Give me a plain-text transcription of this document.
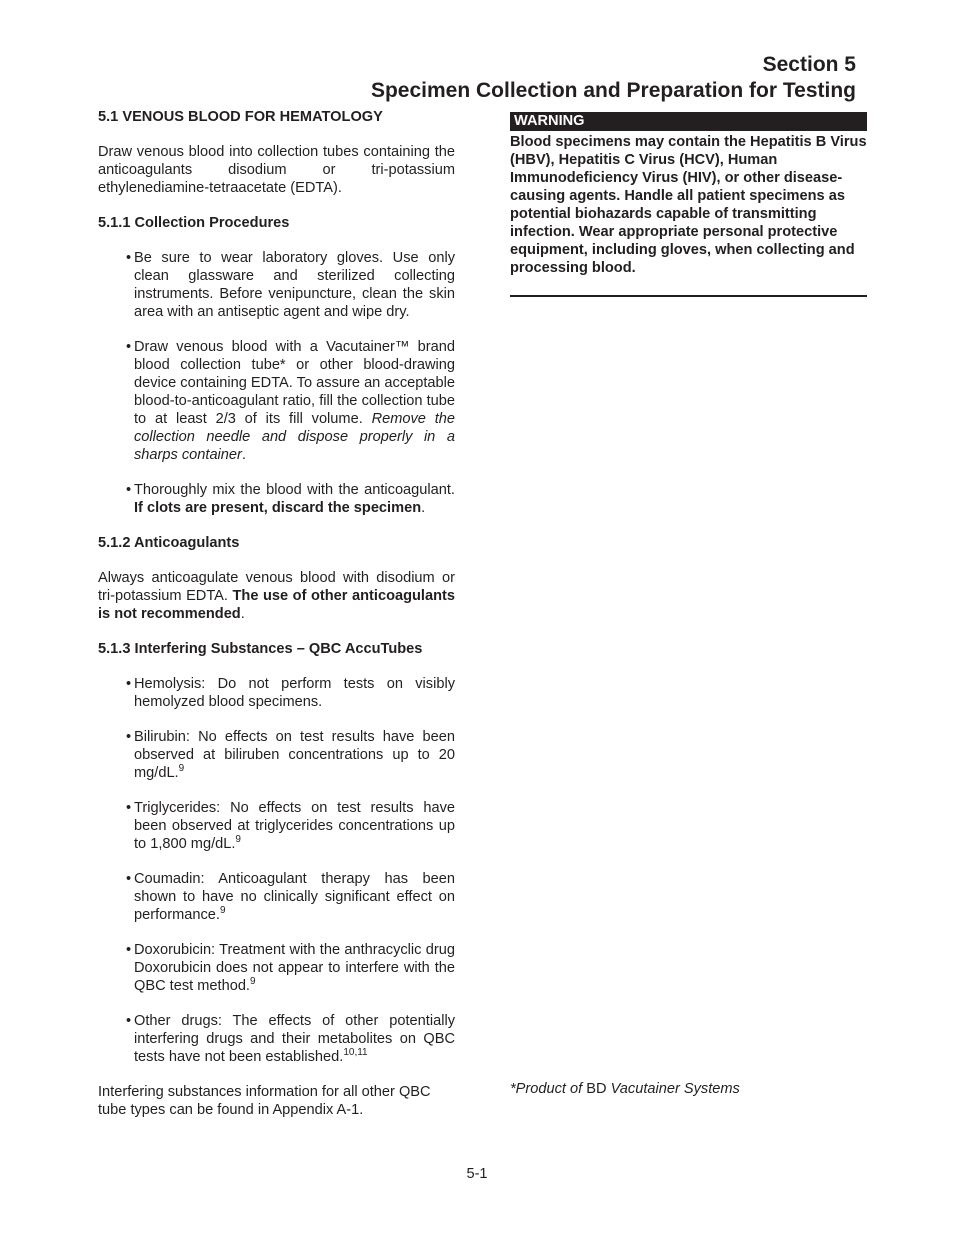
Section 5
Specimen Collection and Preparation for Testing
5.1 VENOUS BLOOD FOR HEMATOLOGY

Draw venous blood into collection tubes containing the anticoagulants disodium or tri-potassium ethylenediamine-tetraacetate (EDTA).

5.1.1 Collection Procedures
• Be sure to wear laboratory gloves. Use only clean glassware and sterilized collecting instruments. Before venipuncture, clean the skin area with an antiseptic agent and wipe dry.
• Draw venous blood with a Vacutainer™ brand blood collection tube* or other blood-drawing device containing EDTA. To assure an acceptable blood-to-anticoagulant ratio, fill the collection tube to at least 2/3 of its fill volume. Remove the collection needle and dispose properly in a sharps container.
• Thoroughly mix the blood with the anticoagulant. If clots are present, discard the specimen.
5.1.2 Anticoagulants

Always anticoagulate venous blood with disodium or tri-potassium EDTA. The use of other anticoagulants is not recommended.

5.1.3 Interfering Substances – QBC AccuTubes
• Hemolysis: Do not perform tests on visibly hemolyzed blood specimens.
• Bilirubin: No effects on test results have been observed at biliruben concentrations up to 20 mg/dL.$^9$
• Triglycerides: No effects on test results have been observed at triglycerides concentrations up to 1,800 mg/dL.$^9$
• Coumadin: Anticoagulant therapy has been shown to have no clinically significant effect on performance.$^9$
• Doxorubicin: Treatment with the anthracyclic drug Doxorubicin does not appear to interfere with the QBC test method.$^9$
• Other drugs: The effects of other potentially interfering drugs and their metabolites on QBC tests have not been established.$^{10,11}$

Interfering substances information for all other QBC tube types can be found in Appendix A-1.

WARNING

Blood specimens may contain the Hepatitis B Virus (HBV), Hepatitis C Virus (HCV), Human Immunodeficiency Virus (HIV), or other disease-causing agents. Handle all patient specimens as potential biohazards capable of transmitting infection. Wear appropriate personal protective equipment, including gloves, when collecting and processing blood.

*Product of BD Vacutainer Systems
5-1
